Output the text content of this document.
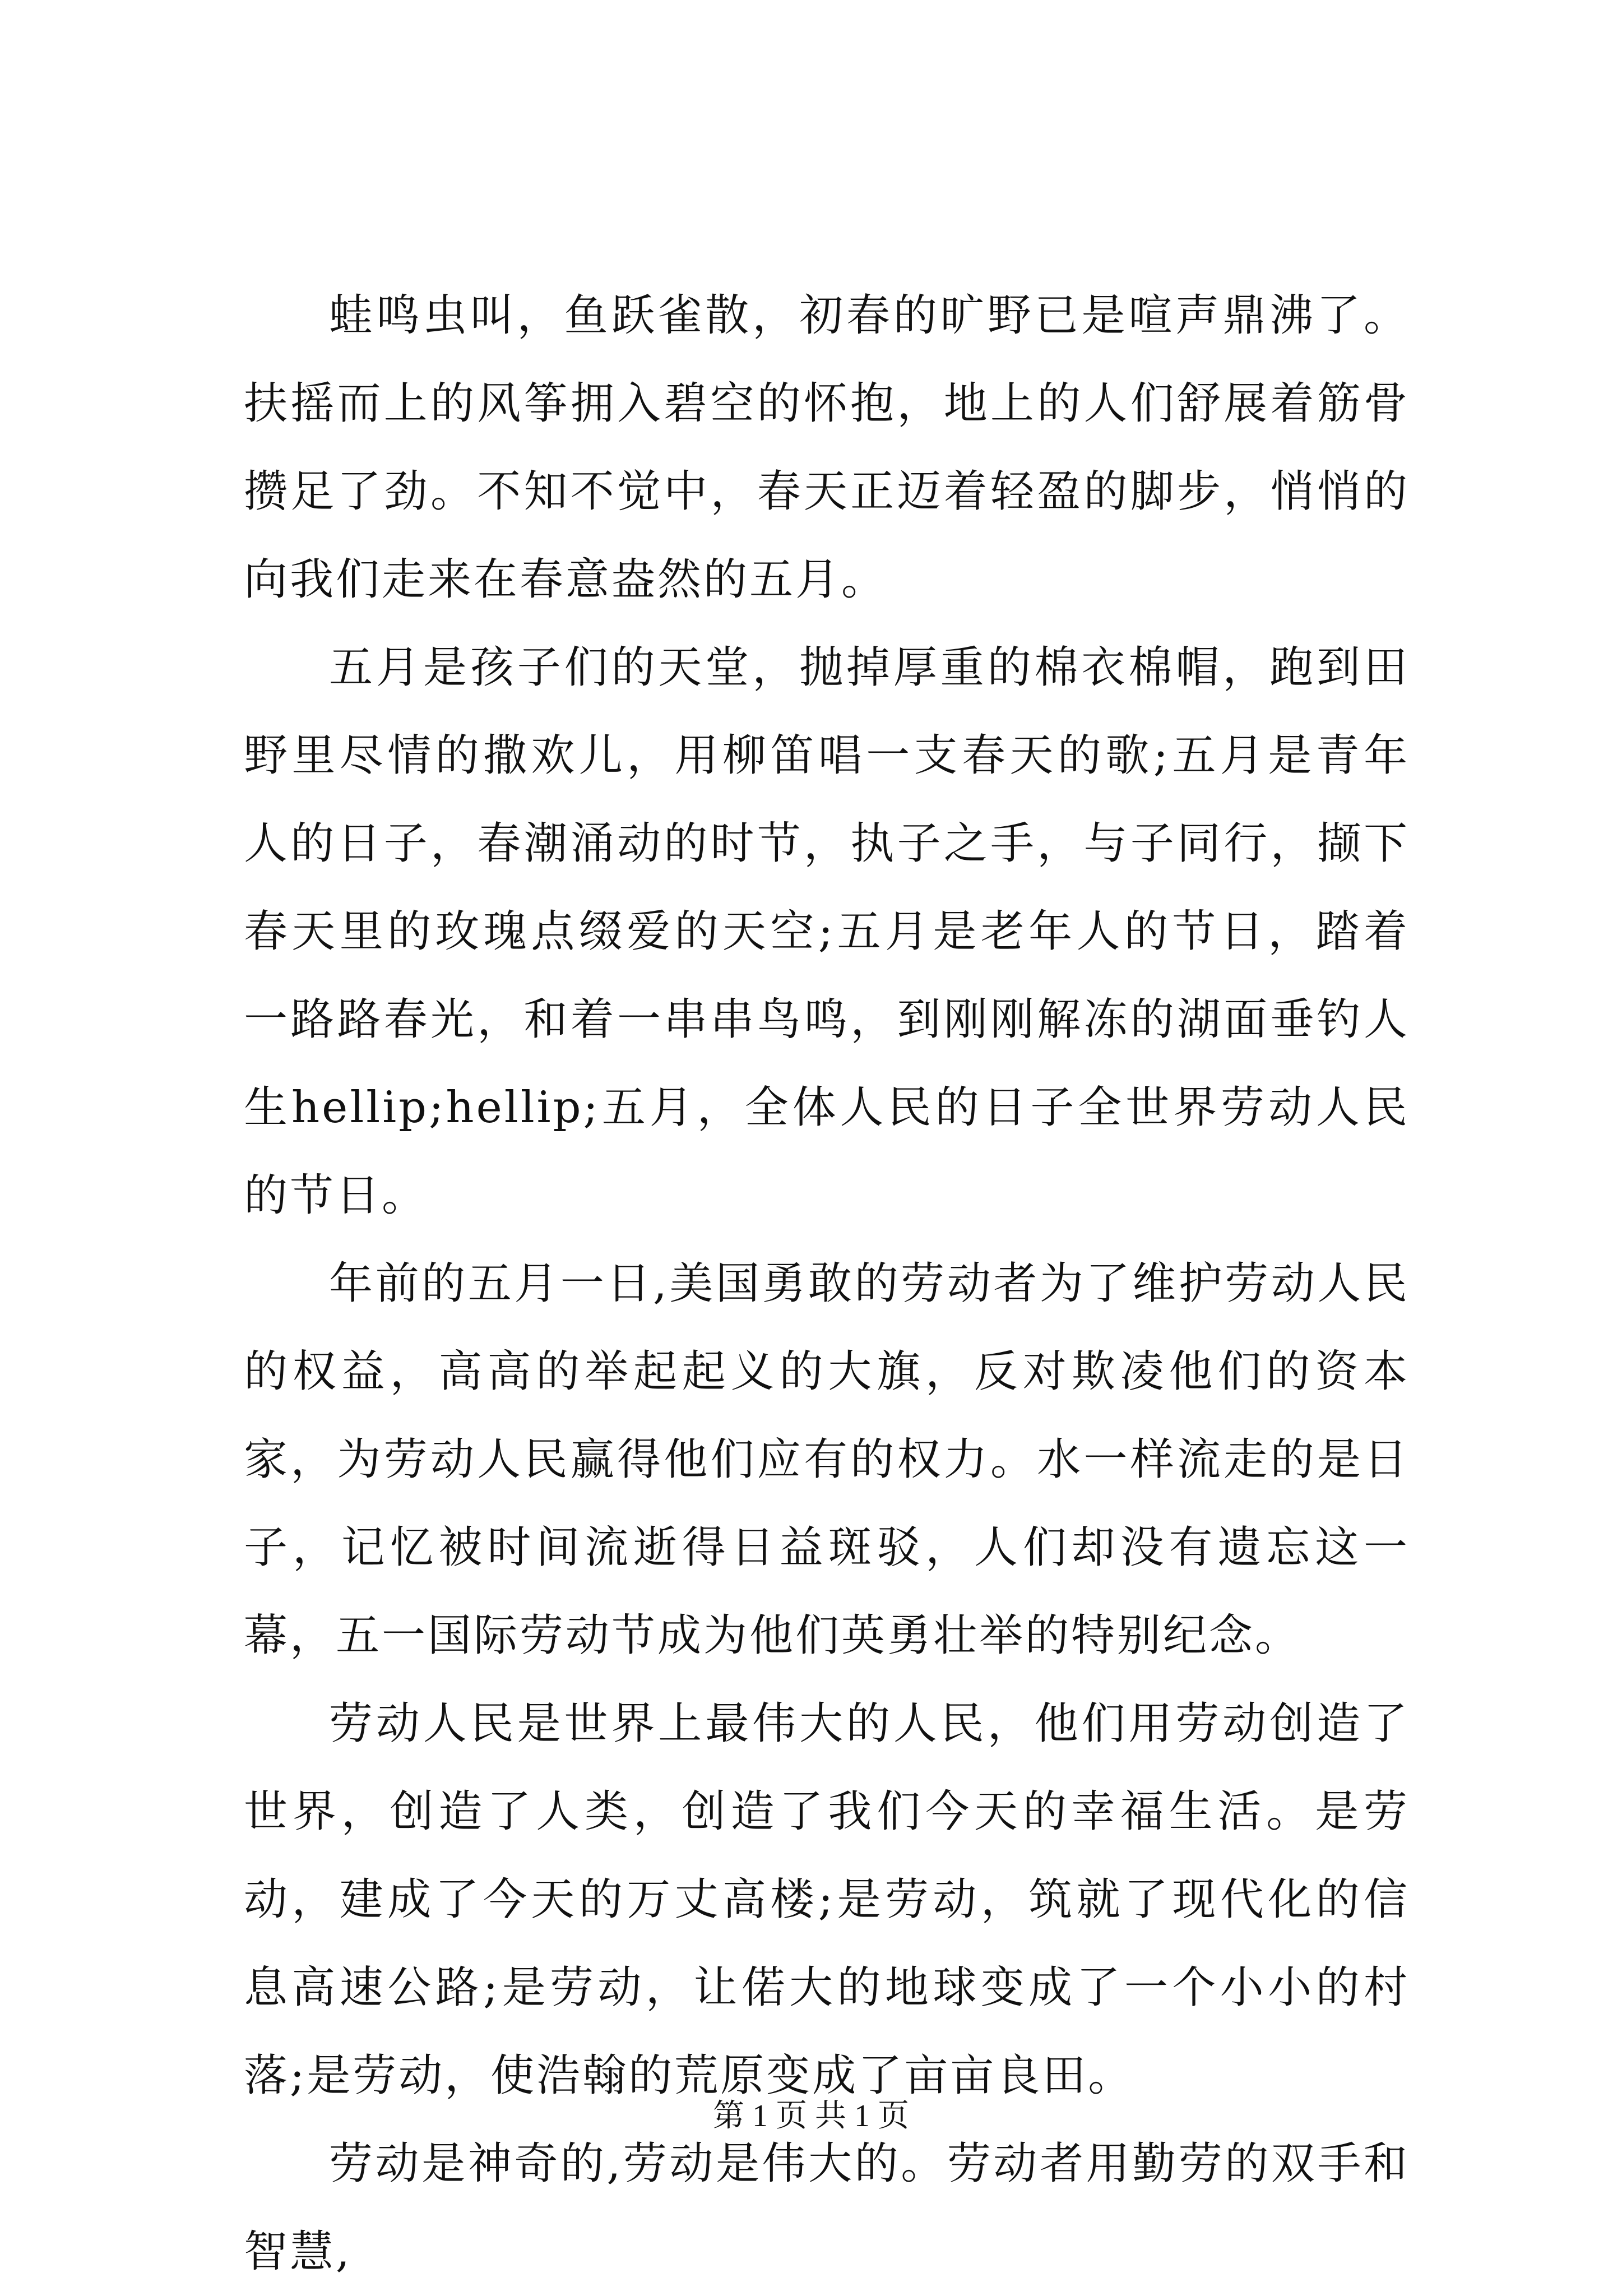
蛙鸣虫叫，鱼跃雀散，初春的旷野已是喧声鼎沸了。扶摇而上的风筝拥入碧空的怀抱，地上的人们舒展着筋骨攒足了劲。不知不觉中，春天正迈着轻盈的脚步，悄悄的向我们走来在春意盎然的五月。

五月是孩子们的天堂，抛掉厚重的棉衣棉帽，跑到田野里尽情的撒欢儿，用柳笛唱一支春天的歌;五月是青年人的日子，春潮涌动的时节，执子之手，与子同行，撷下春天里的玫瑰点缀爱的天空;五月是老年人的节日，踏着一路路春光，和着一串串鸟鸣，到刚刚解冻的湖面垂钓人生hellip;hellip;五月，全体人民的日子全世界劳动人民的节日。

年前的五月一日,美国勇敢的劳动者为了维护劳动人民的权益，高高的举起起义的大旗，反对欺凌他们的资本家，为劳动人民赢得他们应有的权力。水一样流走的是日子，记忆被时间流逝得日益斑驳，人们却没有遗忘这一幕，五一国际劳动节成为他们英勇壮举的特别纪念。

劳动人民是世界上最伟大的人民，他们用劳动创造了世界，创造了人类，创造了我们今天的幸福生活。是劳动，建成了今天的万丈高楼;是劳动，筑就了现代化的信息高速公路;是劳动，让偌大的地球变成了一个小小的村落;是劳动，使浩翰的荒原变成了亩亩良田。

劳动是神奇的,劳动是伟大的。劳动者用勤劳的双手和智慧,

第 1 页 共 1 页
